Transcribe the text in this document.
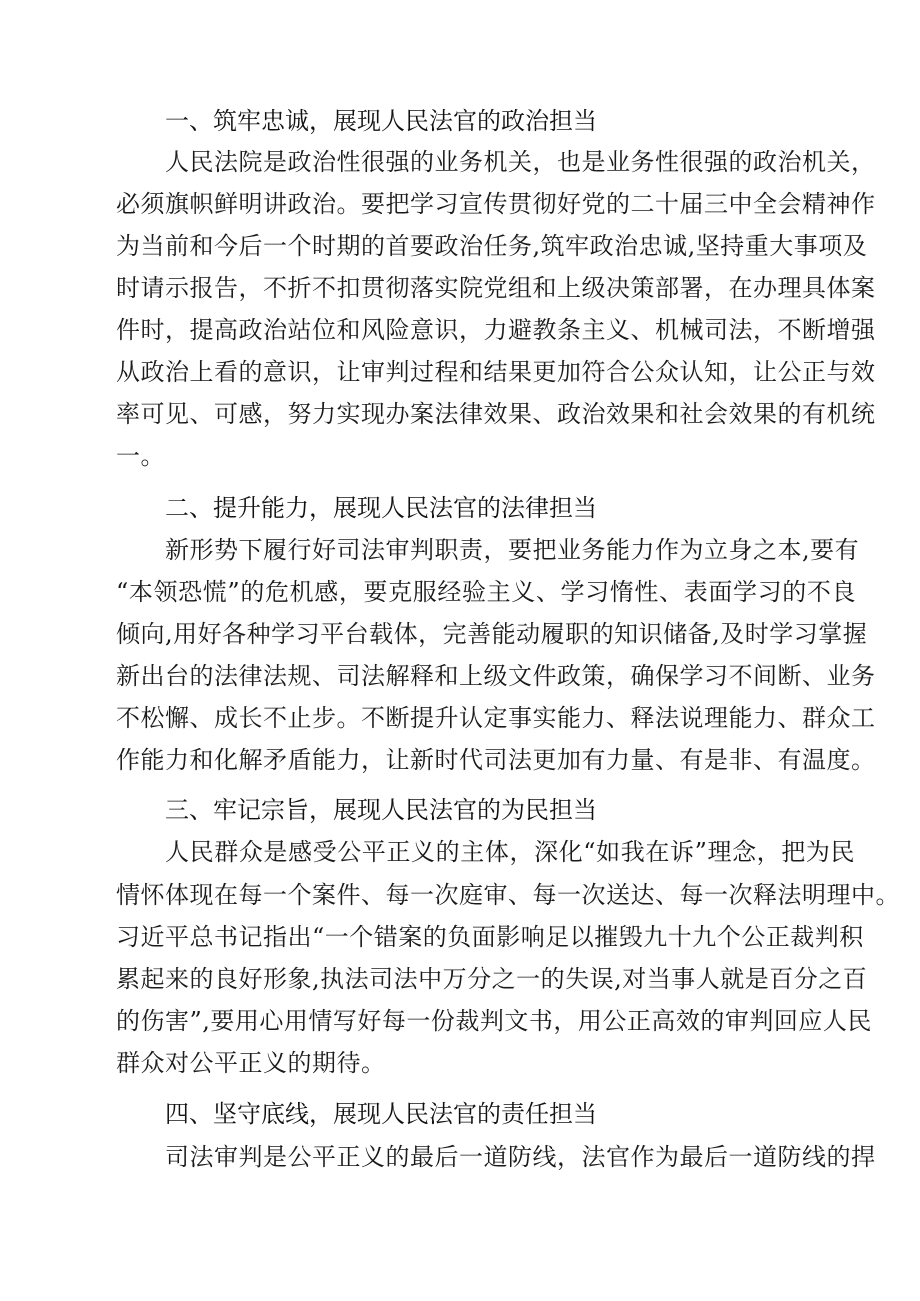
一、筑牢忠诚，展现人民法官的政治担当
人民法院是政治性很强的业务机关，也是业务性很强的政治机关，
必须旗帜鲜明讲政治。要把学习宣传贯彻好党的二十届三中全会精神作
为当前和今后一个时期的首要政治任务,筑牢政治忠诚,坚持重大事项及
时请示报告，不折不扣贯彻落实院党组和上级决策部署，在办理具体案
件时，提高政治站位和风险意识，力避教条主义、机械司法，不断增强
从政治上看的意识，让审判过程和结果更加符合公众认知，让公正与效
率可见、可感，努力实现办案法律效果、政治效果和社会效果的有机统
一。
二、提升能力，展现人民法官的法律担当
新形势下履行好司法审判职责，要把业务能力作为立身之本,要有
“本领恐慌”的危机感，要克服经验主义、学习惰性、表面学习的不良
倾向,用好各种学习平台载体，完善能动履职的知识储备,及时学习掌握
新出台的法律法规、司法解释和上级文件政策，确保学习不间断、业务
不松懈、成长不止步。不断提升认定事实能力、释法说理能力、群众工
作能力和化解矛盾能力，让新时代司法更加有力量、有是非、有温度。
三、牢记宗旨，展现人民法官的为民担当
人民群众是感受公平正义的主体，深化“如我在诉”理念，把为民
情怀体现在每一个案件、每一次庭审、每一次送达、每一次释法明理中。
习近平总书记指出“一个错案的负面影响足以摧毁九十九个公正裁判积
累起来的良好形象,执法司法中万分之一的失误,对当事人就是百分之百
的伤害”,要用心用情写好每一份裁判文书，用公正高效的审判回应人民
群众对公平正义的期待。
四、坚守底线，展现人民法官的责任担当
司法审判是公平正义的最后一道防线，法官作为最后一道防线的捍
